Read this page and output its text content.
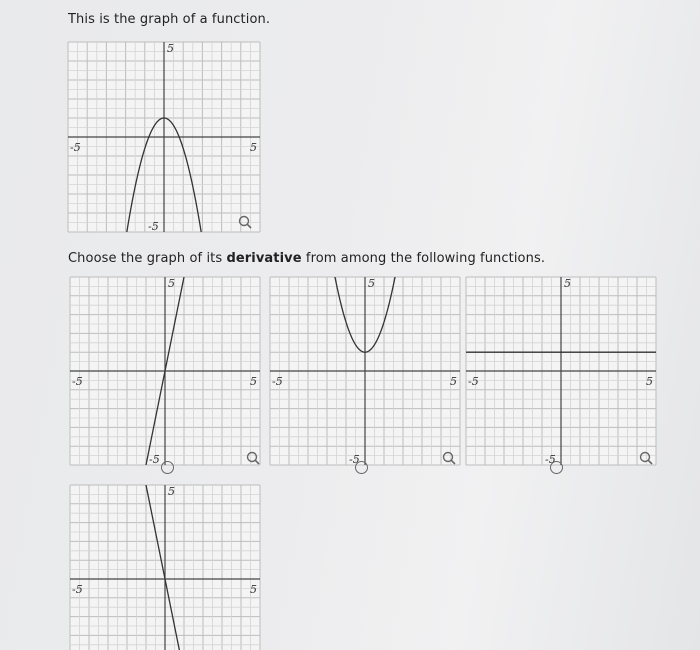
This is the graph of a function.
-5	5
5
-5
Choose the graph of its derivative from among the following functions.
-5	5
5
-5
-5	5
5
-5
-5	5
5
-5
-5	5
5
